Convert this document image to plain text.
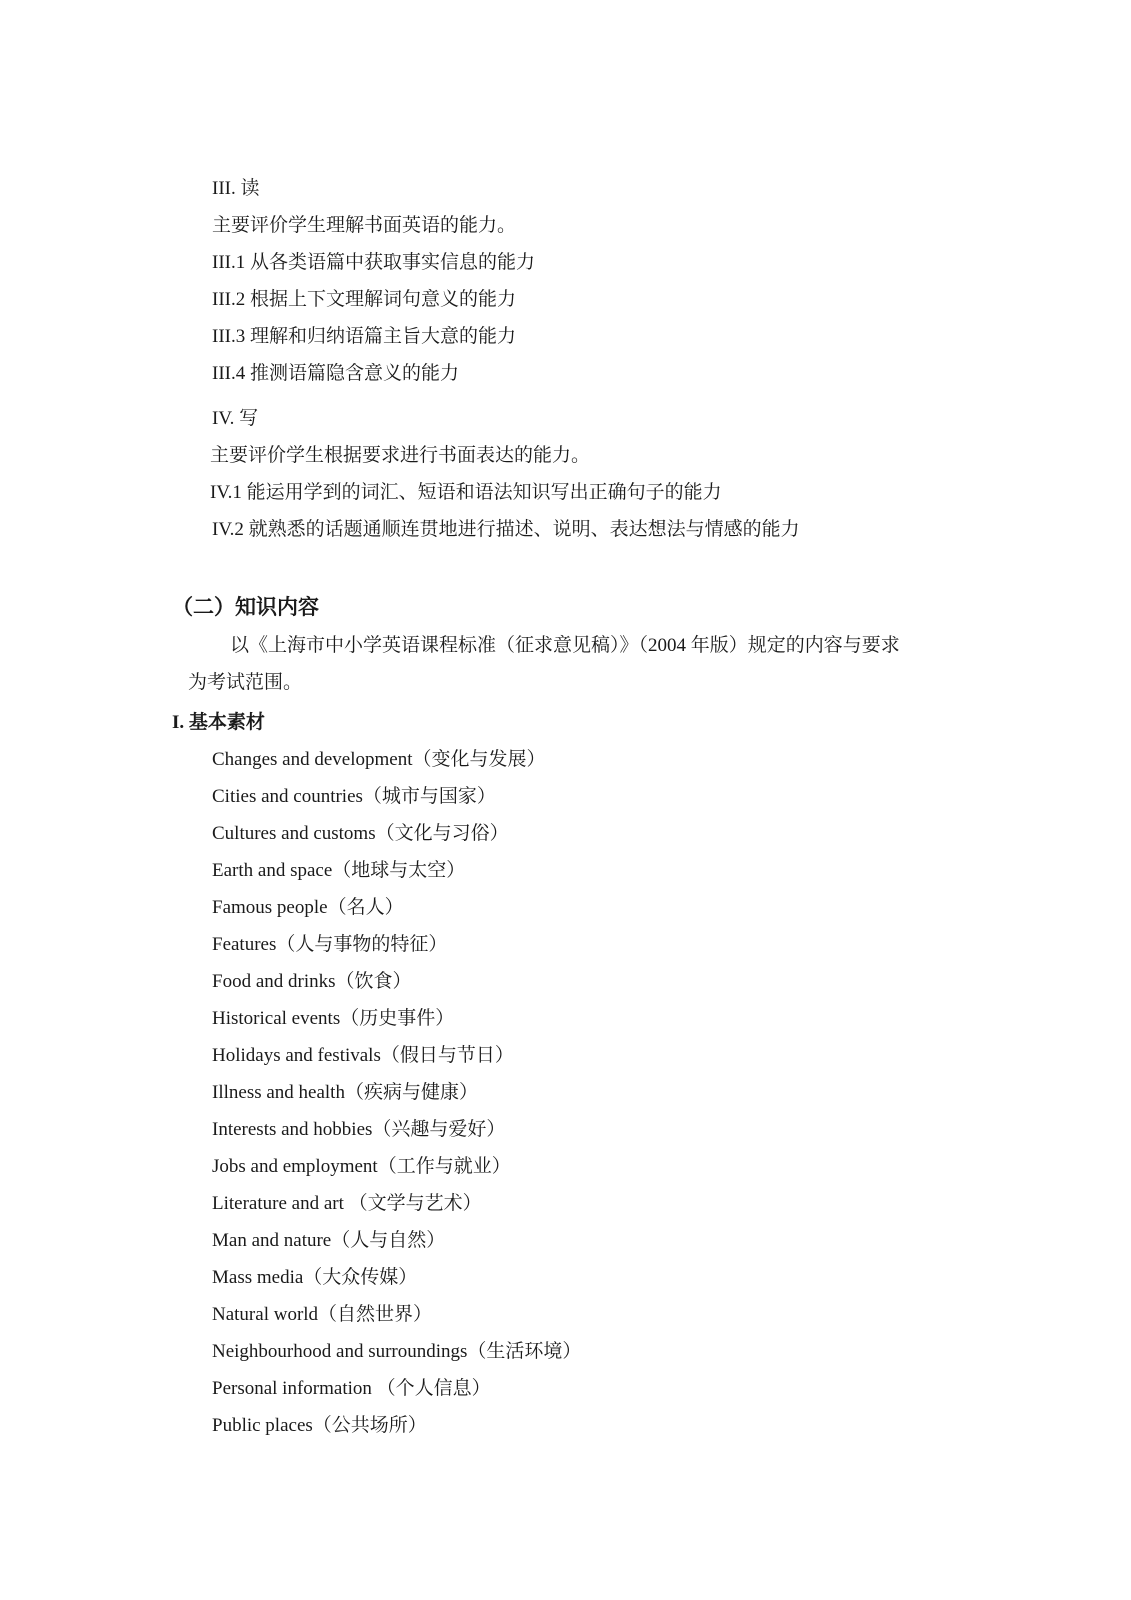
III. 读
主要评价学生理解书面英语的能力。
III.1 从各类语篇中获取事实信息的能力
III.2 根据上下文理解词句意义的能力
III.3 理解和归纳语篇主旨大意的能力
III.4 推测语篇隐含意义的能力
IV. 写
主要评价学生根据要求进行书面表达的能力。
IV.1 能运用学到的词汇、短语和语法知识写出正确句子的能力
IV.2 就熟悉的话题通顺连贯地进行描述、说明、表达想法与情感的能力
（二）知识内容
以《上海市中小学英语课程标准（征求意见稿）》（2004 年版）规定的内容与要求
为考试范围。
I. 基本素材
Changes and development（变化与发展）
Cities and countries（城市与国家）
Cultures and customs（文化与习俗）
Earth and space（地球与太空）
Famous people（名人）
Features（人与事物的特征）
Food and drinks（饮食）
Historical events（历史事件）
Holidays and festivals（假日与节日）
Illness and health（疾病与健康）
Interests and hobbies（兴趣与爱好）
Jobs and employment（工作与就业）
Literature and art （文学与艺术）
Man and nature（人与自然）
Mass media（大众传媒）
Natural world（自然世界）
Neighbourhood and surroundings（生活环境）
Personal information （个人信息）
Public places（公共场所）
